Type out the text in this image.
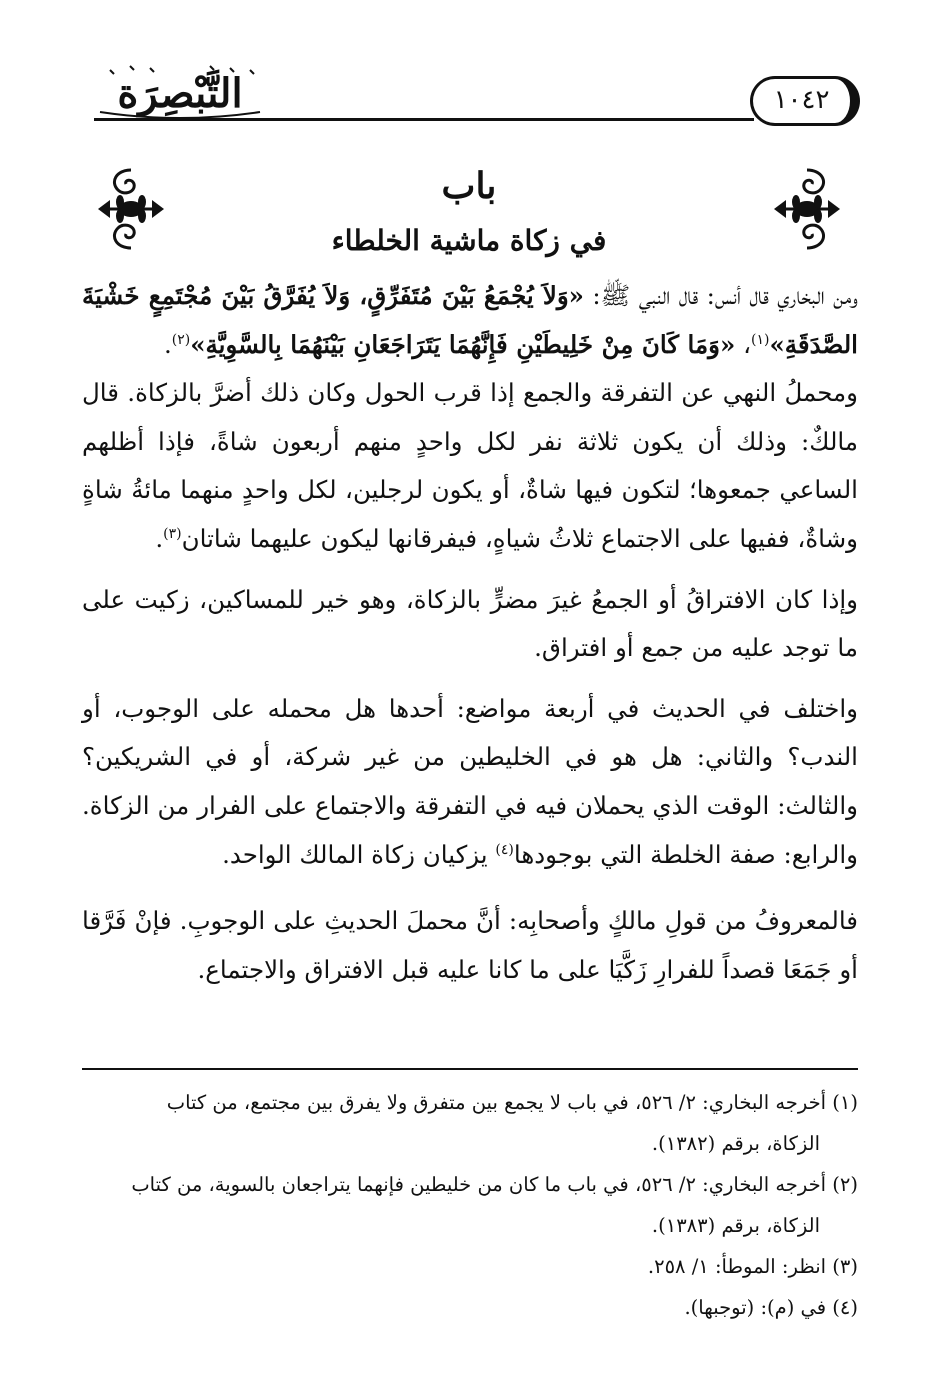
التَّبْصِرَة	١٠٤٢
باب
في زكاة ماشية الخلطاء

ومن البخاري قال أنس: قال النبي ﷺ: «وَلاَ يُجْمَعُ بَيْنَ مُتَفَرِّقٍ، وَلاَ يُفَرَّقُ بَيْنَ مُجْتَمِعٍ خَشْيَةَ الصَّدَقَةِ»$^{(١)}$، «وَمَا كَانَ مِنْ خَلِيطَيْنِ فَإِنَّهُمَا يَتَرَاجَعَانِ بَيْنَهُمَا بِالسَّوِيَّةِ»$^{(٢)}$.

ومحملُ النهي عن التفرقة والجمع إذا قرب الحول وكان ذلك أضرَّ بالزكاة. قال مالكٌ: وذلك أن يكون ثلاثة نفر لكل واحدٍ منهم أربعون شاةً، فإذا أظلهم الساعي جمعوها؛ لتكون فيها شاةٌ، أو يكون لرجلين، لكل واحدٍ منهما مائةُ شاةٍ وشاةٌ، ففيها على الاجتماع ثلاثُ شياهٍ، فيفرقانها ليكون عليهما شاتان$^{(٣)}$.

وإذا كان الافتراقُ أو الجمعُ غيرَ مضرٍّ بالزكاة، وهو خير للمساكين، زكيت على ما توجد عليه من جمع أو افتراق.

واختلف في الحديث في أربعة مواضع: أحدها هل محمله على الوجوب، أو الندب؟ والثاني: هل هو في الخليطين من غير شركة، أو في الشريكين؟ والثالث: الوقت الذي يحملان فيه في التفرقة والاجتماع على الفرار من الزكاة. والرابع: صفة الخلطة التي بوجودها$^{(٤)}$ يزكيان زكاة المالك الواحد.

فالمعروفُ من قولِ مالكٍ وأصحابِه: أنَّ محملَ الحديثِ على الوجوبِ. فإنْ فَرَّقا أو جَمَعَا قصداً للفرارِ زَكَّيَا على ما كانا عليه قبل الافتراق والاجتماع.

(١) أخرجه البخاري: ٢/ ٥٢٦، في باب لا يجمع بين متفرق ولا يفرق بين مجتمع، من كتاب

الزكاة، برقم (١٣٨٢).

(٢) أخرجه البخاري: ٢/ ٥٢٦، في باب ما كان من خليطين فإنهما يتراجعان بالسوية، من كتاب

الزكاة، برقم (١٣٨٣).

(٣) انظر: الموطأ: ١/ ٢٥٨.

(٤) في (م): (توجبها).
